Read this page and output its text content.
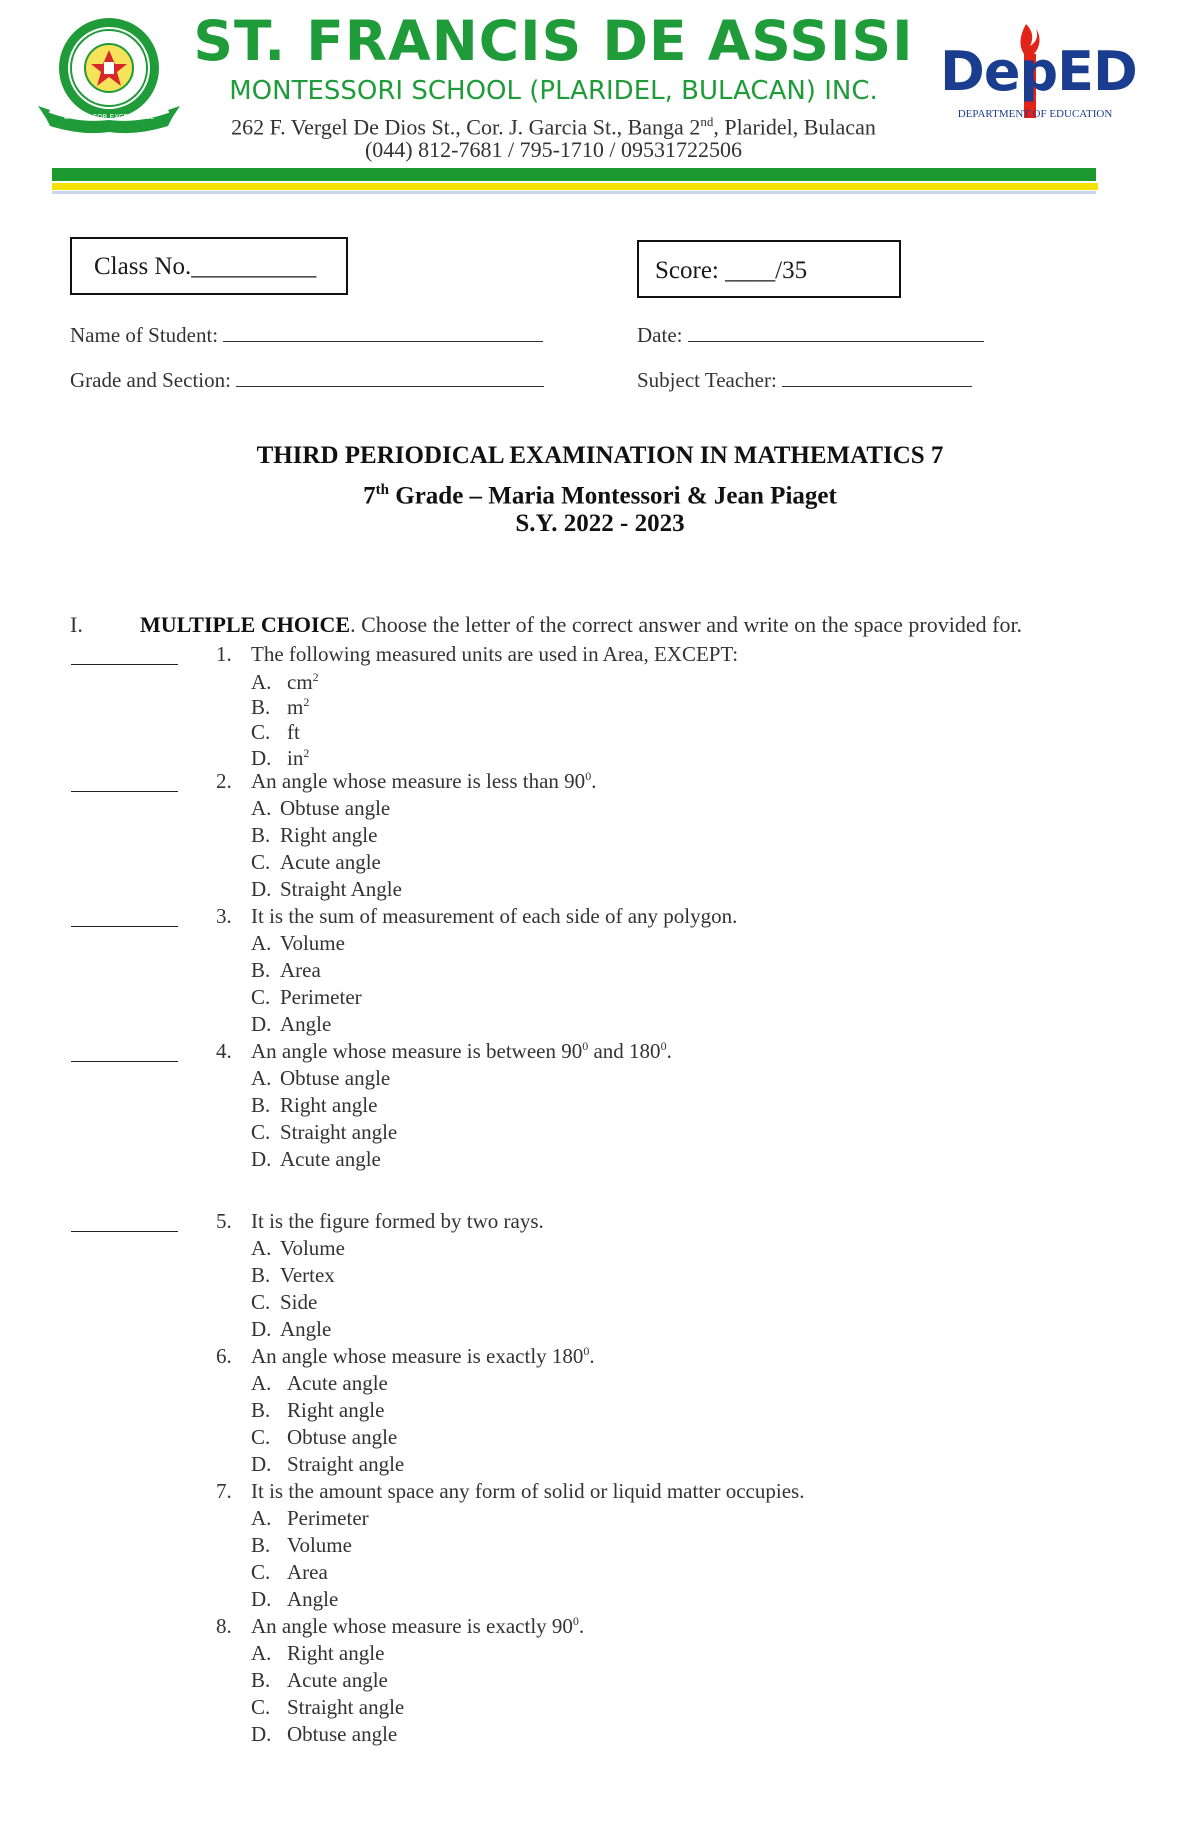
CARING FOR EXCELLENCE
ST. FRANCIS DE ASSISI
MONTESSORI SCHOOL (PLARIDEL, BULACAN) INC.
262 F. Vergel De Dios St., Cor. J. Garcia St., Banga 2nd, Plaridel, Bulacan
(044) 812-7681 / 795-1710 / 09531722506
DepED
DEPARTMENT OF EDUCATION
Class No.__________	Score: ____/35
Name of Student:	Date:
Grade and Section:	Subject Teacher:
THIRD PERIODICAL EXAMINATION IN MATHEMATICS 7
7th Grade – Maria Montessori & Jean Piaget
S.Y. 2022 - 2023
I.	MULTIPLE CHOICE. Choose the letter of the correct answer and write on the space provided for.
1. The following measured units are used in Area, EXCEPT:
A. $cm^2$
B. $m^2$
C. ft
D. $in^2$
2. An angle whose measure is less than $90^0$.
A. Obtuse angle
B. Right angle
C. Acute angle
D. Straight Angle
3. It is the sum of measurement of each side of any polygon.
A. Volume
B. Area
C. Perimeter
D. Angle
4. An angle whose measure is between $90^0$ and $180^0$.
A. Obtuse angle
B. Right angle
C. Straight angle
D. Acute angle
5. It is the figure formed by two rays.
A. Volume
B. Vertex
C. Side
D. Angle
6. An angle whose measure is exactly $180^0$.
A. Acute angle
B. Right angle
C. Obtuse angle
D. Straight angle
7. It is the amount space any form of solid or liquid matter occupies.
A. Perimeter
B. Volume
C. Area
D. Angle
8. An angle whose measure is exactly $90^0$.
A. Right angle
B. Acute angle
C. Straight angle
D. Obtuse angle
